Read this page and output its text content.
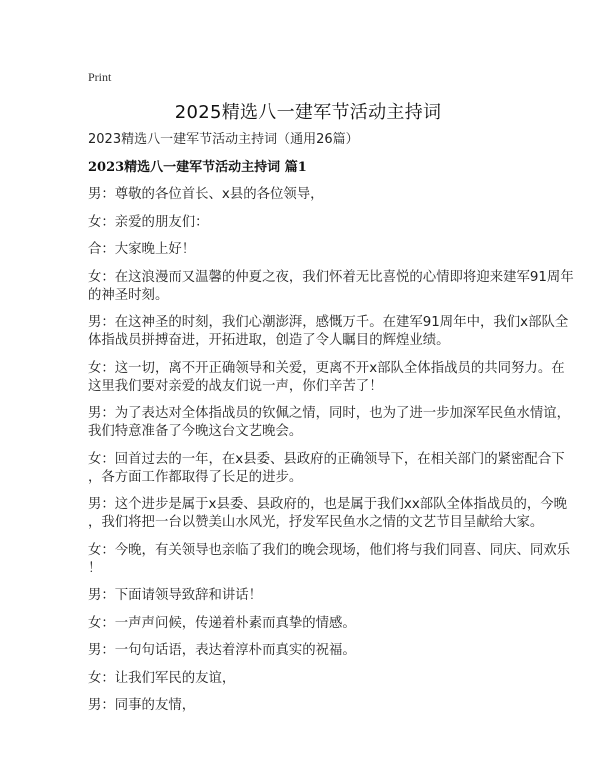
Print
2025精选八一建军节活动主持词

2023精选八一建军节活动主持词（通用26篇）

2023精选八一建军节活动主持词 篇1

男：尊敬的各位首长、x县的各位领导，

女：亲爱的朋友们：

合：大家晚上好！

女：在这浪漫而又温馨的仲夏之夜，我们怀着无比喜悦的心情即将迎来建军91周年
的神圣时刻。

男：在这神圣的时刻，我们心潮澎湃，感慨万千。在建军91周年中，我们x部队全
体指战员拼搏奋进，开拓进取，创造了令人瞩目的辉煌业绩。

女：这一切，离不开正确领导和关爱，更离不开x部队全体指战员的共同努力。在
这里我们要对亲爱的战友们说一声，你们辛苦了！

男：为了表达对全体指战员的钦佩之情，同时，也为了进一步加深军民鱼水情谊，
我们特意准备了今晚这台文艺晚会。

女：回首过去的一年，在x县委、县政府的正确领导下，在相关部门的紧密配合下
，各方面工作都取得了长足的进步。

男：这个进步是属于x县委、县政府的，也是属于我们xx部队全体指战员的，今晚
，我们将把一台以赞美山水风光，抒发军民鱼水之情的文艺节目呈献给大家。

女：今晚，有关领导也亲临了我们的晚会现场，他们将与我们同喜、同庆、同欢乐
！

男：下面请领导致辞和讲话！

女：一声声问候，传递着朴素而真挚的情感。

男：一句句话语，表达着淳朴而真实的祝福。

女：让我们军民的友谊，

男：同事的友情，
